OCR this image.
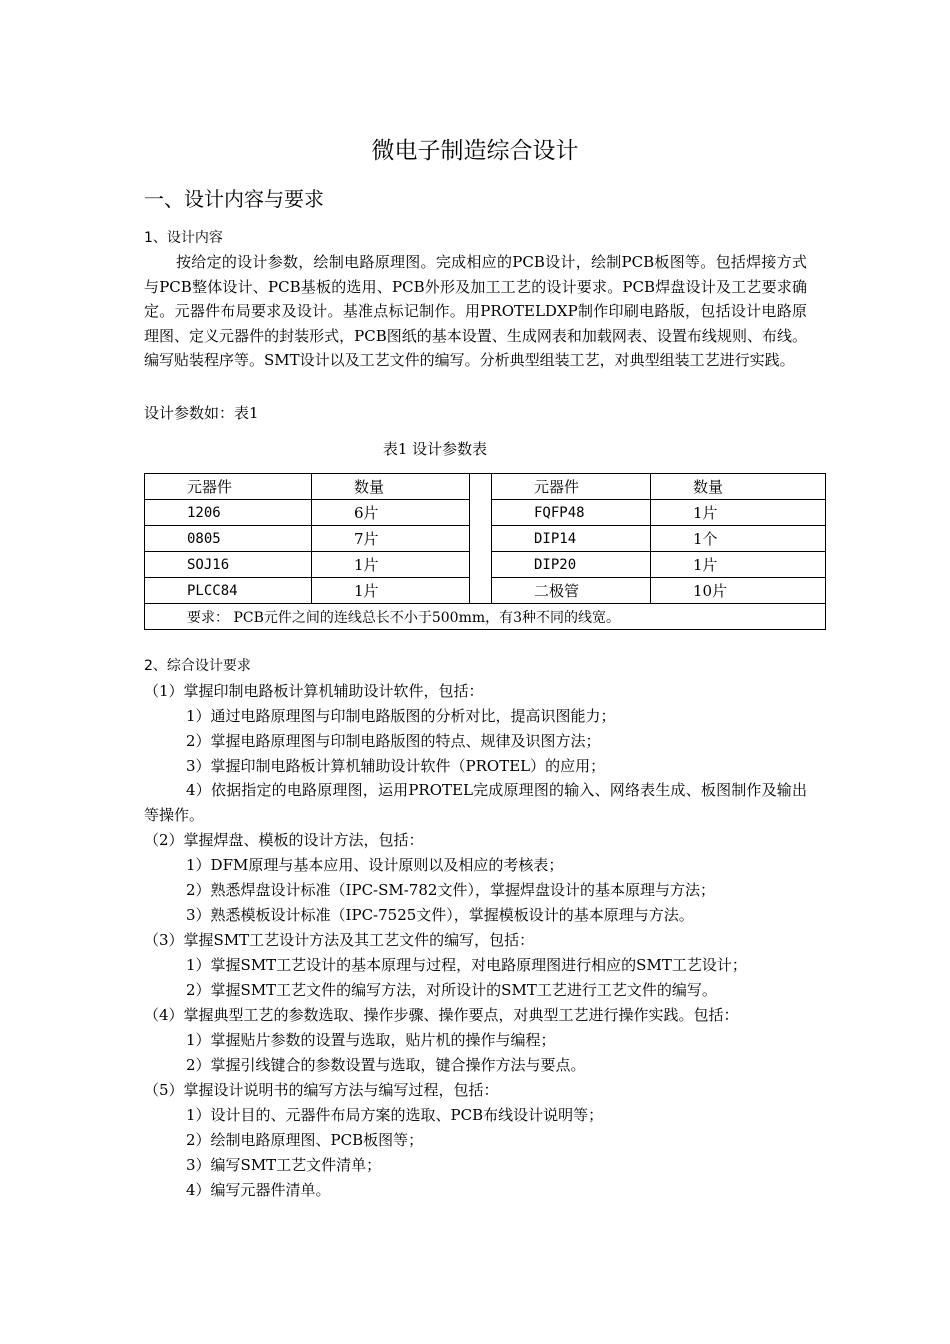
微电子制造综合设计
一、设计内容与要求
1、设计内容

按给定的设计参数，绘制电路原理图。完成相应的PCB设计，绘制PCB板图等。包括焊接方式与PCB整体设计、PCB基板的选用、PCB外形及加工工艺的设计要求。PCB焊盘设计及工艺要求确定。元器件布局要求及设计。基准点标记制作。用PROTELDXP制作印刷电路版，包括设计电路原理图、定义元器件的封装形式，PCB图纸的基本设置、生成网表和加载网表、设置布线规则、布线。编写贴装程序等。SMT设计以及工艺文件的编写。分析典型组装工艺，对典型组装工艺进行实践。

设计参数如：表1

表1 设计参数表
元器件	数量		元器件	数量
1206	6片		FQFP48	1片
0805	7片		DIP14	1个
SOJ16	1片		DIP20	1片
PLCC84	1片		二极管	10片
要求： PCB元件之间的连线总长不小于500mm，有3种不同的线宽。				
2、综合设计要求

（1）掌握印制电路板计算机辅助设计软件，包括：

1）通过电路原理图与印制电路版图的分析对比，提高识图能力；

2）掌握电路原理图与印制电路版图的特点、规律及识图方法；

3）掌握印制电路板计算机辅助设计软件（PROTEL）的应用；

4）依据指定的电路原理图，运用PROTEL完成原理图的输入、网络表生成、板图制作及输出等操作。

（2）掌握焊盘、模板的设计方法，包括：

1）DFM原理与基本应用、设计原则以及相应的考核表；

2）熟悉焊盘设计标准（IPC-SM-782文件），掌握焊盘设计的基本原理与方法；

3）熟悉模板设计标准（IPC-7525文件），掌握模板设计的基本原理与方法。

（3）掌握SMT工艺设计方法及其工艺文件的编写，包括：

1）掌握SMT工艺设计的基本原理与过程，对电路原理图进行相应的SMT工艺设计；

2）掌握SMT工艺文件的编写方法，对所设计的SMT工艺进行工艺文件的编写。

（4）掌握典型工艺的参数选取、操作步骤、操作要点，对典型工艺进行操作实践。包括：

1）掌握贴片参数的设置与选取，贴片机的操作与编程；

2）掌握引线键合的参数设置与选取，键合操作方法与要点。

（5）掌握设计说明书的编写方法与编写过程，包括：

1）设计目的、元器件布局方案的选取、PCB布线设计说明等；

2）绘制电路原理图、PCB板图等；

3）编写SMT工艺文件清单；

4）编写元器件清单。
